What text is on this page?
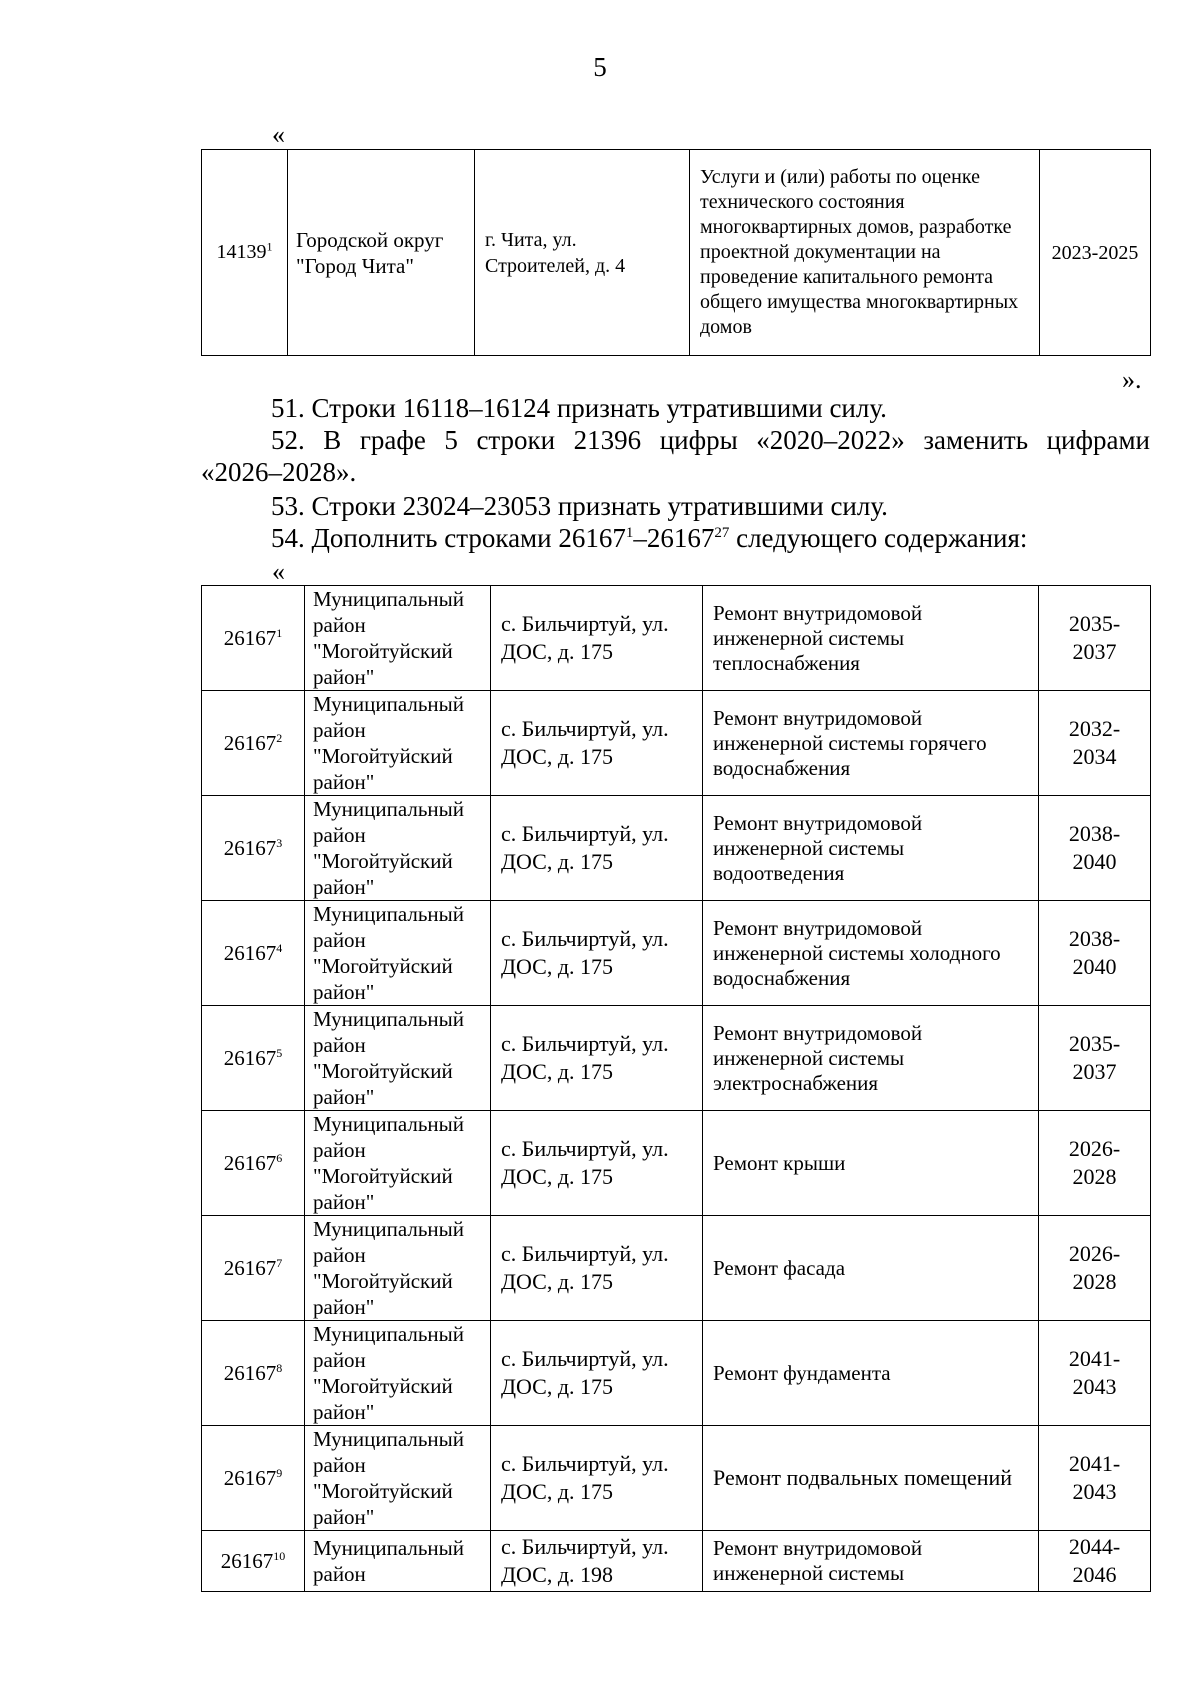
5
«
14139$^1$	Городской округ "Город Чита"	г. Чита, ул. Строителей, д. 4	Услуги и (или) работы по оценке технического состояния многоквартирных домов, разработке проектной документации на проведение капитального ремонта общего имущества многоквартирных домов	2023-2025
».
51. Строки 16118–16124 признать утратившими силу.
52. В графе 5 строки 21396 цифры «2020–2022» заменить цифрами
«2026–2028».
53. Строки 23024–23053 признать утратившими силу.
54. Дополнить строками 26167$^1$–26167$^{27}$ следующего содержания:
«
26167$^1$	Муниципальный район "Могойтуйский район"	с. Бильчиртуй, ул. ДОС, д. 175	Ремонт внутридомовой инженерной системы теплоснабжения	2035-2037
26167$^2$	Муниципальный район "Могойтуйский район"	с. Бильчиртуй, ул. ДОС, д. 175	Ремонт внутридомовой инженерной системы горячего водоснабжения	2032-2034
26167$^3$	Муниципальный район "Могойтуйский район"	с. Бильчиртуй, ул. ДОС, д. 175	Ремонт внутридомовой инженерной системы водоотведения	2038-2040
26167$^4$	Муниципальный район "Могойтуйский район"	с. Бильчиртуй, ул. ДОС, д. 175	Ремонт внутридомовой инженерной системы холодного водоснабжения	2038-2040
26167$^5$	Муниципальный район "Могойтуйский район"	с. Бильчиртуй, ул. ДОС, д. 175	Ремонт внутридомовой инженерной системы электроснабжения	2035-2037
26167$^6$	Муниципальный район "Могойтуйский район"	с. Бильчиртуй, ул. ДОС, д. 175	Ремонт крыши	2026-2028
26167$^7$	Муниципальный район "Могойтуйский район"	с. Бильчиртуй, ул. ДОС, д. 175	Ремонт фасада	2026-2028
26167$^8$	Муниципальный район "Могойтуйский район"	с. Бильчиртуй, ул. ДОС, д. 175	Ремонт фундамента	2041-2043
26167$^9$	Муниципальный район "Могойтуйский район"	с. Бильчиртуй, ул. ДОС, д. 175	Ремонт подвальных помещений	2041-2043
26167$^{10}$	Муниципальный район	с. Бильчиртуй, ул. ДОС, д. 198	Ремонт внутридомовой инженерной системы	2044-2046
